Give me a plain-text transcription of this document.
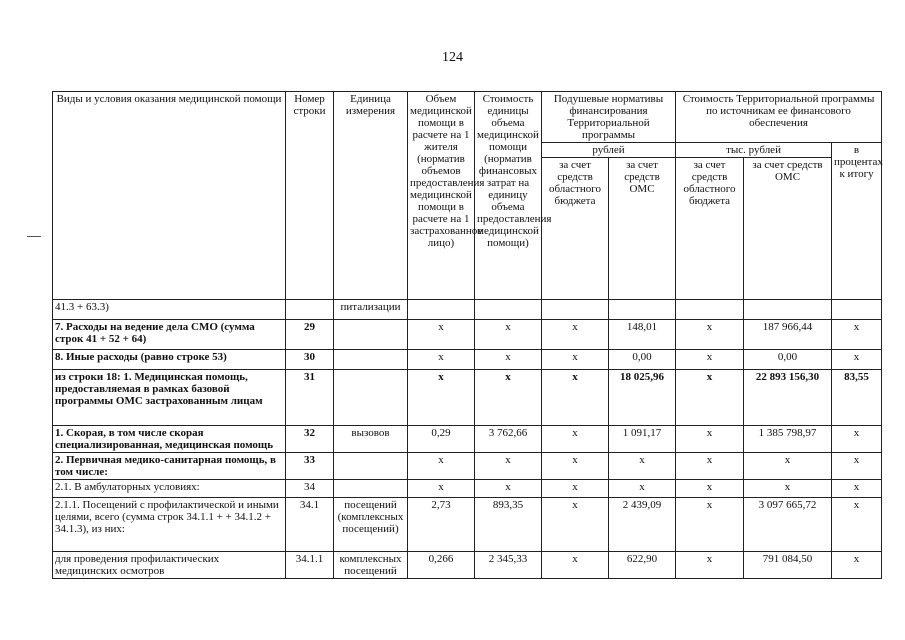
124
Виды и условия оказания медицинской помощи	Номер строки	Единица измерения	Объем медицинской помощи в расчете на 1 жителя (норматив объемов предоставления медицинской помощи в расчете на 1 застрахованное лицо)	Стоимость единицы объема медицинской помощи (норматив финансовых затрат на единицу объема предоставления медицинской помощи)	Подушевые нормативы финансирования Территориальной программы		Стоимость Территориальной программы по источникам ее финансового обеспечения		
					рублей		тыс. рублей		в процентах к итогу
					за счет средств областного бюджета	за счет средств ОМС	за счет средств областного бюджета	за счет средств ОМС	
41.3 + 63.3)		питализации							
7. Расходы на ведение дела СМО (сумма строк 41 + 52 + 64)	29		х	х	х	148,01	х	187 966,44	х
8. Иные расходы (равно строке 53)	30		х	х	х	0,00	х	0,00	х
из строки 18: 1. Медицинская помощь, предоставляемая в рамках базовой программы ОМС застрахованным лицам	31		х	х	х	18 025,96	х	22 893 156,30	83,55
1. Скорая, в том числе скорая специализированная, медицинская помощь	32	вызовов	0,29	3 762,66	х	1 091,17	х	1 385 798,97	х
2. Первичная медико-санитарная помощь, в том числе:	33		х	х	х	х	х	х	х
2.1. В амбулаторных условиях:	34		х	х	х	х	х	х	х
2.1.1. Посещений с профилактической и иными целями, всего (сумма строк 34.1.1 + + 34.1.2 + 34.1.3), из них:	34.1	посещений (комплексных посещений)	2,73	893,35	х	2 439,09	х	3 097 665,72	х
для проведения профилактических медицинских осмотров	34.1.1	комплексных посещений	0,266	2 345,33	х	622,90	х	791 084,50	х
